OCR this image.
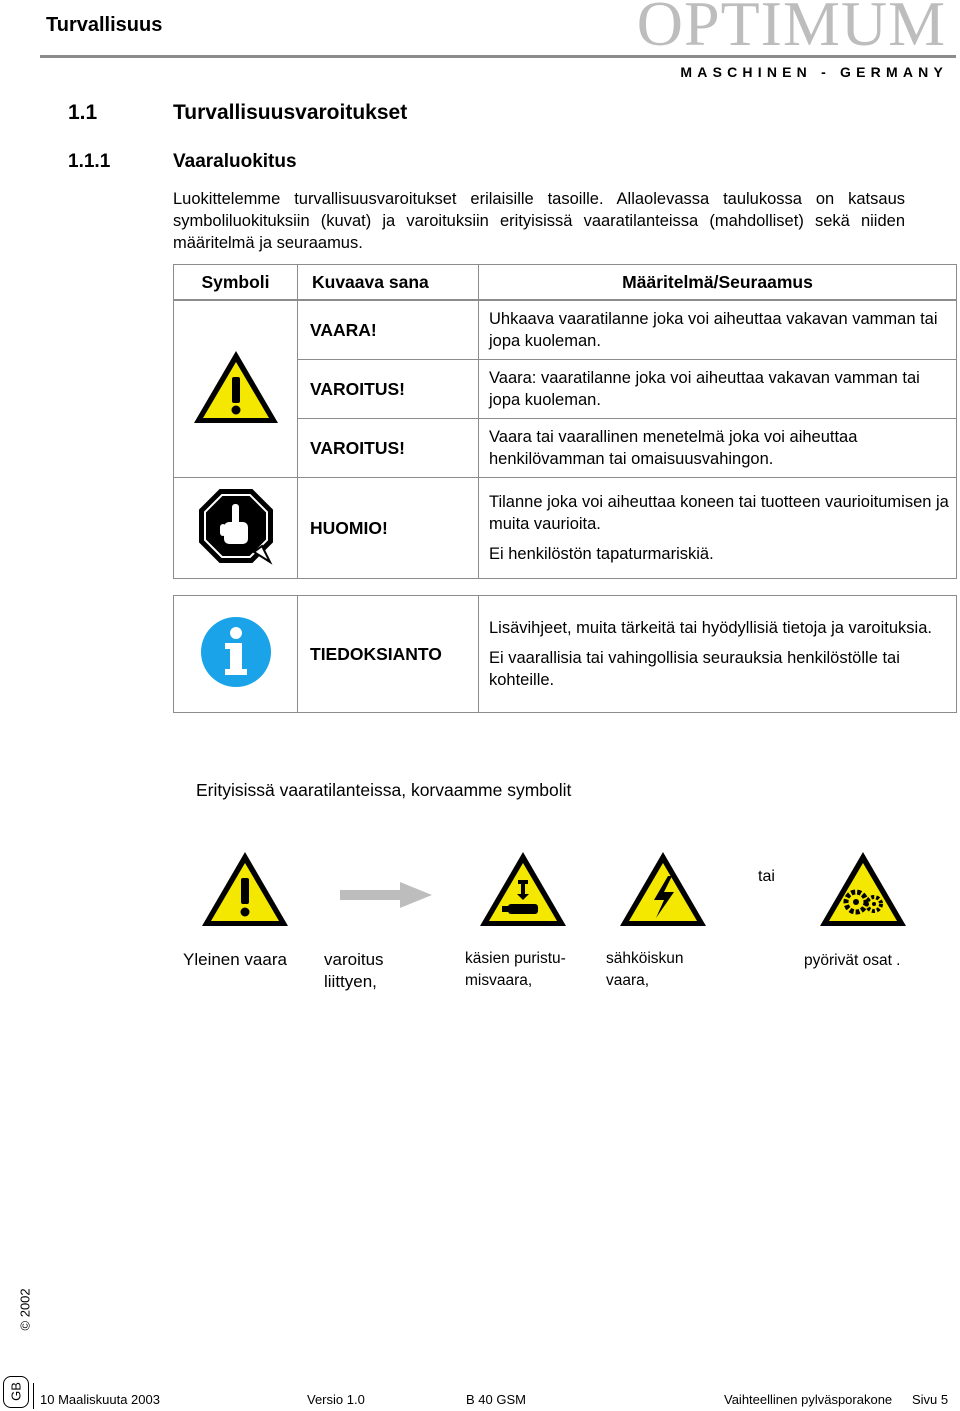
Turvallisuus	OPTIMUM
MASCHINEN - GERMANY
1.1	Turvallisuusvaroitukset
1.1.1	Vaaraluokitus
Luokittelemme turvallisuusvaroitukset erilaisille tasoille. Allaolevassa taulukossa on katsaus symboliluokituksiin (kuvat) ja varoituksiin erityisissä vaaratilanteissa (mahdolliset) sekä niiden määritelmä ja seuraamus.
Symboli	Kuvaava sana	Määritelmä/Seuraamus

	VAARA!	Uhkaava vaaratilanne joka voi aiheuttaa vakavan vamman tai jopa kuoleman.
	VAROITUS!	Vaara: vaaratilanne joka voi aiheuttaa vakavan vamman tai jopa kuoleman.
	VAROITUS!	Vaara tai vaarallinen menetelmä joka voi aiheuttaa henkilövamman tai omaisuusvahingon.
	HUOMIO!	Tilanne joka voi aiheuttaa koneen tai tuotteen vaurioitumisen ja muita vaurioita.
Ei henkilöstön tapaturmariskiä.

	TIEDOKSIANTO	Lisävihjeet, muita tärkeitä tai hyödyllisiä tietoja ja varoituksia.
Ei vaarallisia tai vahingollisia seurauksia henkilöstölle tai kohteille.
Erityisissä vaaratilanteissa, korvaamme symbolit
tai
Yleinen vaara varoitus
liittyen,
käsien puristu-
misvaara,
sähköiskun
vaara,
pyörivät osat .
© 2002
GB 10 Maaliskuuta 2003	Versio 1.0	B 40 GSM	Vaihteellinen pylväsporakone Sivu 5
